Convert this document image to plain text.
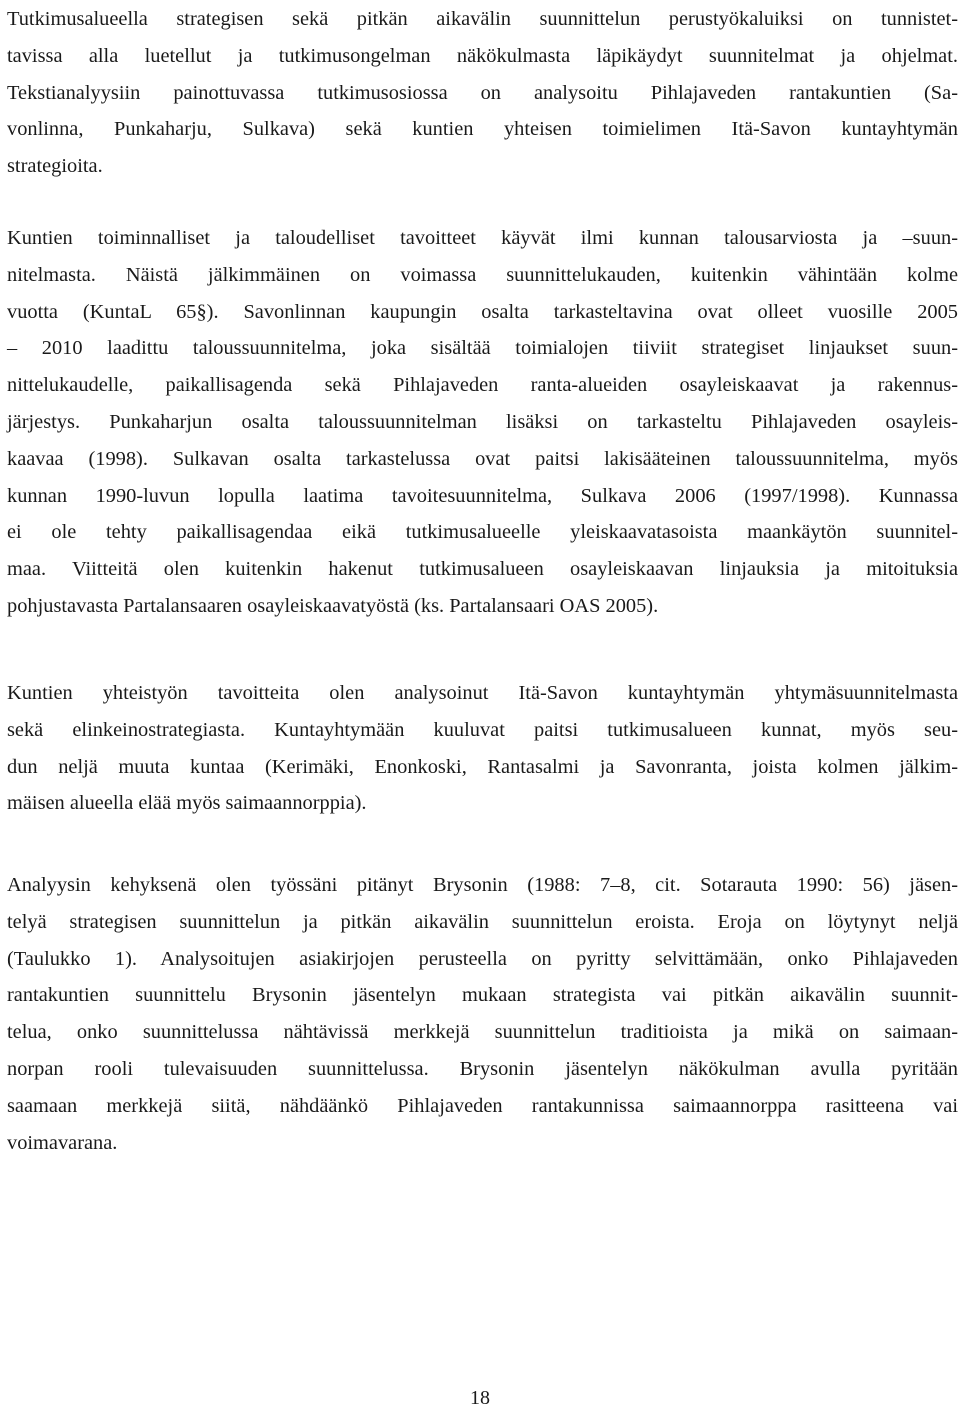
Tutkimusalueella strategisen sekä pitkän aikavälin suunnittelun perustyökaluiksi on tunnistet-
tavissa alla luetellut ja tutkimusongelman näkökulmasta läpikäydyt suunnitelmat ja ohjelmat.
Tekstianalyysiin painottuvassa tutkimusosiossa on analysoitu Pihlajaveden rantakuntien (Sa-
vonlinna, Punkaharju, Sulkava) sekä kuntien yhteisen toimielimen Itä-Savon kuntayhtymän
strategioita.
Kuntien toiminnalliset ja taloudelliset tavoitteet käyvät ilmi kunnan talousarviosta ja –suun-
nitelmasta. Näistä jälkimmäinen on voimassa suunnittelukauden, kuitenkin vähintään kolme
vuotta (KuntaL 65§). Savonlinnan kaupungin osalta tarkasteltavina ovat olleet vuosille 2005
– 2010 laadittu taloussuunnitelma, joka sisältää toimialojen tiiviit strategiset linjaukset suun-
nittelukaudelle, paikallisagenda sekä Pihlajaveden ranta-alueiden osayleiskaavat ja rakennus-
järjestys. Punkaharjun osalta taloussuunnitelman lisäksi on tarkasteltu Pihlajaveden osayleis-
kaavaa (1998). Sulkavan osalta tarkastelussa ovat paitsi lakisääteinen taloussuunnitelma, myös
kunnan 1990-luvun lopulla laatima tavoitesuunnitelma, Sulkava 2006 (1997/1998). Kunnassa
ei ole tehty paikallisagendaa eikä tutkimusalueelle yleiskaavatasoista maankäytön suunnitel-
maa. Viitteitä olen kuitenkin hakenut tutkimusalueen osayleiskaavan linjauksia ja mitoituksia
pohjustavasta Partalansaaren osayleiskaavatyöstä (ks. Partalansaari OAS 2005).
Kuntien yhteistyön tavoitteita olen analysoinut Itä-Savon kuntayhtymän yhtymäsuunnitelmasta
sekä elinkeinostrategiasta. Kuntayhtymään kuuluvat paitsi tutkimusalueen kunnat, myös seu-
dun neljä muuta kuntaa (Kerimäki, Enonkoski, Rantasalmi ja Savonranta, joista kolmen jälkim-
mäisen alueella elää myös saimaannorppia).
Analyysin kehyksenä olen työssäni pitänyt Brysonin (1988: 7–8, cit. Sotarauta 1990: 56) jäsen-
telyä strategisen suunnittelun ja pitkän aikavälin suunnittelun eroista. Eroja on löytynyt neljä
(Taulukko 1). Analysoitujen asiakirjojen perusteella on pyritty selvittämään, onko Pihlajaveden
rantakuntien suunnittelu Brysonin jäsentelyn mukaan strategista vai pitkän aikavälin suunnit-
telua, onko suunnittelussa nähtävissä merkkejä suunnittelun traditioista ja mikä on saimaan-
norpan rooli tulevaisuuden suunnittelussa. Brysonin jäsentelyn näkökulman avulla pyritään
saamaan merkkejä siitä, nähdäänkö Pihlajaveden rantakunnissa saimaannorppa rasitteena vai
voimavarana.
18
